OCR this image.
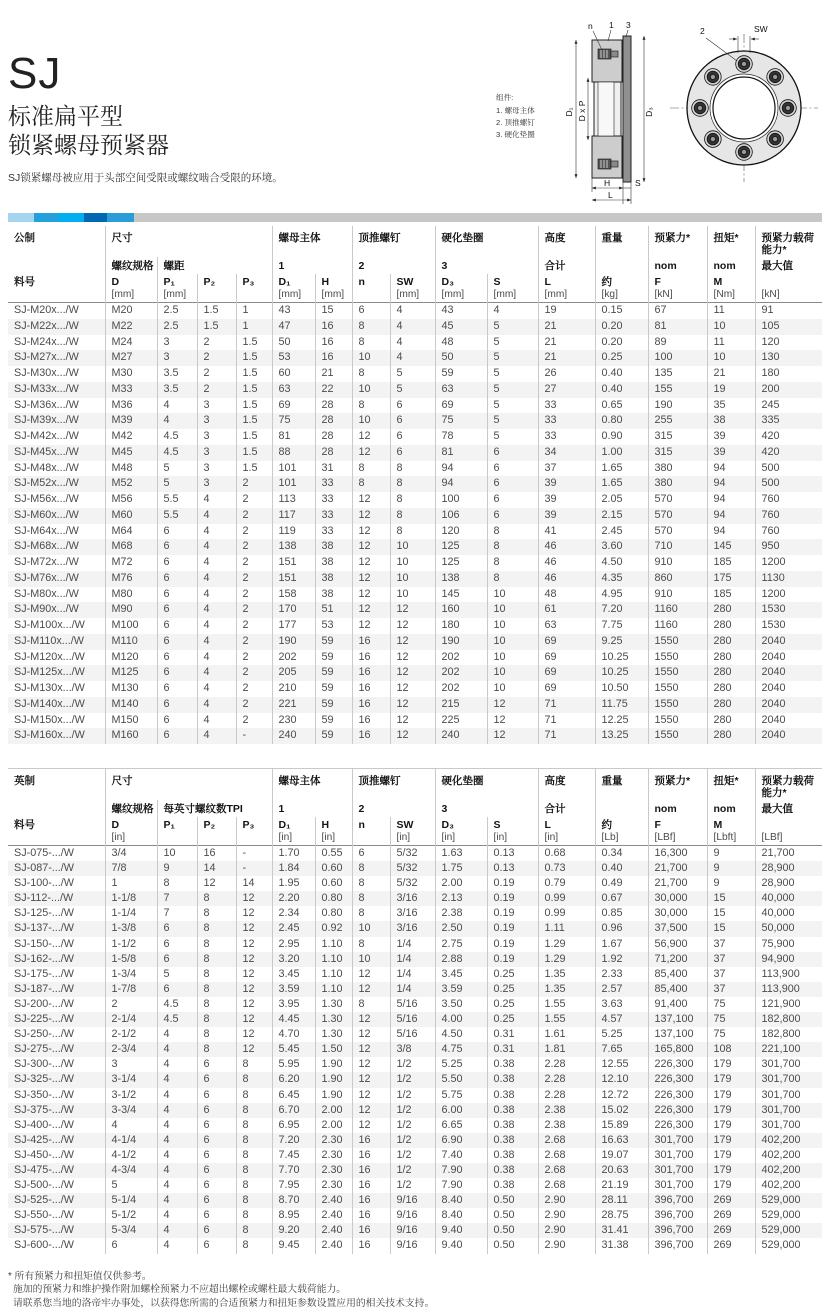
SJ
标准扁平型
锁紧螺母预紧器
SJ锁紧螺母被应用于头部空间受限或螺纹啮合受限的环境。
组件:
1. 螺母主体
2. 顶推螺钉
3. 硬化垫圈
n 1 3
D₁ D x P	D₃
H	S
L
2	SW
公制	尺寸				螺母主体		顶推螺钉		硬化垫圈		高度	重量	预紧力*	扭矩*	预紧力载荷能力*
	螺纹规格	螺距			1		2		3		合计		nom	nom	最大值
料号	D	P₁	P₂	P₃	D₁	H	n	SW	D₃	S	L	约	F	M	
	[mm]	[mm]			[mm]	[mm]		[mm]	[mm]	[mm]	[mm]	[kg]	[kN]	[Nm]	[kN]
SJ-M20x.../W	M20	2.5	1.5	1	43	15	6	4	43	4	19	0.15	67	11	91
SJ-M22x.../W	M22	2.5	1.5	1	47	16	8	4	45	5	21	0.20	81	10	105
SJ-M24x.../W	M24	3	2	1.5	50	16	8	4	48	5	21	0.20	89	11	120
SJ-M27x.../W	M27	3	2	1.5	53	16	10	4	50	5	21	0.25	100	10	130
SJ-M30x.../W	M30	3.5	2	1.5	60	21	8	5	59	5	26	0.40	135	21	180
SJ-M33x.../W	M33	3.5	2	1.5	63	22	10	5	63	5	27	0.40	155	19	200
SJ-M36x.../W	M36	4	3	1.5	69	28	8	6	69	5	33	0.65	190	35	245
SJ-M39x.../W	M39	4	3	1.5	75	28	10	6	75	5	33	0.80	255	38	335
SJ-M42x.../W	M42	4.5	3	1.5	81	28	12	6	78	5	33	0.90	315	39	420
SJ-M45x.../W	M45	4.5	3	1.5	88	28	12	6	81	6	34	1.00	315	39	420
SJ-M48x.../W	M48	5	3	1.5	101	31	8	8	94	6	37	1.65	380	94	500
SJ-M52x.../W	M52	5	3	2	101	33	8	8	94	6	39	1.65	380	94	500
SJ-M56x.../W	M56	5.5	4	2	113	33	12	8	100	6	39	2.05	570	94	760
SJ-M60x.../W	M60	5.5	4	2	117	33	12	8	106	6	39	2.15	570	94	760
SJ-M64x.../W	M64	6	4	2	119	33	12	8	120	8	41	2.45	570	94	760
SJ-M68x.../W	M68	6	4	2	138	38	12	10	125	8	46	3.60	710	145	950
SJ-M72x.../W	M72	6	4	2	151	38	12	10	125	8	46	4.50	910	185	1200
SJ-M76x.../W	M76	6	4	2	151	38	12	10	138	8	46	4.35	860	175	1130
SJ-M80x.../W	M80	6	4	2	158	38	12	10	145	10	48	4.95	910	185	1200
SJ-M90x.../W	M90	6	4	2	170	51	12	12	160	10	61	7.20	1160	280	1530
SJ-M100x.../W	M100	6	4	2	177	53	12	12	180	10	63	7.75	1160	280	1530
SJ-M110x.../W	M110	6	4	2	190	59	16	12	190	10	69	9.25	1550	280	2040
SJ-M120x.../W	M120	6	4	2	202	59	16	12	202	10	69	10.25	1550	280	2040
SJ-M125x.../W	M125	6	4	2	205	59	16	12	202	10	69	10.25	1550	280	2040
SJ-M130x.../W	M130	6	4	2	210	59	16	12	202	10	69	10.50	1550	280	2040
SJ-M140x.../W	M140	6	4	2	221	59	16	12	215	12	71	11.75	1550	280	2040
SJ-M150x.../W	M150	6	4	2	230	59	16	12	225	12	71	12.25	1550	280	2040
SJ-M160x.../W	M160	6	4	-	240	59	16	12	240	12	71	13.25	1550	280	2040
英制	尺寸				螺母主体		顶推螺钉		硬化垫圈		高度	重量	预紧力*	扭矩*	预紧力载荷能力*
	螺纹规格	每英寸螺纹数TPI			1		2		3		合计		nom	nom	最大值
料号	D	P₁	P₂	P₃	D₁	H	n	SW	D₃	S	L	约	F	M	
	[in]				[in]	[in]		[in]	[in]	[in]	[in]	[Lb]	[LBf]	[Lbft]	[LBf]
SJ-075-.../W	3/4	10	16	-	1.70	0.55	6	5/32	1.63	0.13	0.68	0.34	16,300	9	21,700
SJ-087-.../W	7/8	9	14	-	1.84	0.60	8	5/32	1.75	0.13	0.73	0.40	21,700	9	28,900
SJ-100-.../W	1	8	12	14	1.95	0.60	8	5/32	2.00	0.19	0.79	0.49	21,700	9	28,900
SJ-112-.../W	1-1/8	7	8	12	2.20	0.80	8	3/16	2.13	0.19	0.99	0.67	30,000	15	40,000
SJ-125-.../W	1-1/4	7	8	12	2.34	0.80	8	3/16	2.38	0.19	0.99	0.85	30,000	15	40,000
SJ-137-.../W	1-3/8	6	8	12	2.45	0.92	10	3/16	2.50	0.19	1.11	0.96	37,500	15	50,000
SJ-150-.../W	1-1/2	6	8	12	2.95	1.10	8	1/4	2.75	0.19	1.29	1.67	56,900	37	75,900
SJ-162-.../W	1-5/8	6	8	12	3.20	1.10	10	1/4	2.88	0.19	1.29	1.92	71,200	37	94,900
SJ-175-.../W	1-3/4	5	8	12	3.45	1.10	12	1/4	3.45	0.25	1.35	2.33	85,400	37	113,900
SJ-187-.../W	1-7/8	6	8	12	3.59	1.10	12	1/4	3.59	0.25	1.35	2.57	85,400	37	113,900
SJ-200-.../W	2	4.5	8	12	3.95	1.30	8	5/16	3.50	0.25	1.55	3.63	91,400	75	121,900
SJ-225-.../W	2-1/4	4.5	8	12	4.45	1.30	12	5/16	4.00	0.25	1.55	4.57	137,100	75	182,800
SJ-250-.../W	2-1/2	4	8	12	4.70	1.30	12	5/16	4.50	0.31	1.61	5.25	137,100	75	182,800
SJ-275-.../W	2-3/4	4	8	12	5.45	1.50	12	3/8	4.75	0.31	1.81	7.65	165,800	108	221,100
SJ-300-.../W	3	4	6	8	5.95	1.90	12	1/2	5.25	0.38	2.28	12.55	226,300	179	301,700
SJ-325-.../W	3-1/4	4	6	8	6.20	1.90	12	1/2	5.50	0.38	2.28	12.10	226,300	179	301,700
SJ-350-.../W	3-1/2	4	6	8	6.45	1.90	12	1/2	5.75	0.38	2.28	12.72	226,300	179	301,700
SJ-375-.../W	3-3/4	4	6	8	6.70	2.00	12	1/2	6.00	0.38	2.38	15.02	226,300	179	301,700
SJ-400-.../W	4	4	6	8	6.95	2.00	12	1/2	6.65	0.38	2.38	15.89	226,300	179	301,700
SJ-425-.../W	4-1/4	4	6	8	7.20	2.30	16	1/2	6.90	0.38	2.68	16.63	301,700	179	402,200
SJ-450-.../W	4-1/2	4	6	8	7.45	2.30	16	1/2	7.40	0.38	2.68	19.07	301,700	179	402,200
SJ-475-.../W	4-3/4	4	6	8	7.70	2.30	16	1/2	7.90	0.38	2.68	20.63	301,700	179	402,200
SJ-500-.../W	5	4	6	8	7.95	2.30	16	1/2	7.90	0.38	2.68	21.19	301,700	179	402,200
SJ-525-.../W	5-1/4	4	6	8	8.70	2.40	16	9/16	8.40	0.50	2.90	28.11	396,700	269	529,000
SJ-550-.../W	5-1/2	4	6	8	8.95	2.40	16	9/16	8.40	0.50	2.90	28.75	396,700	269	529,000
SJ-575-.../W	5-3/4	4	6	8	9.20	2.40	16	9/16	9.40	0.50	2.90	31.41	396,700	269	529,000
SJ-600-.../W	6	4	6	8	9.45	2.40	16	9/16	9.40	0.50	2.90	31.38	396,700	269	529,000
* 所有预紧力和扭矩值仅供参考。
施加的预紧力和维护操作附加螺栓预紧力不应超出螺栓或螺柱最大载荷能力。
请联系您当地的洛帝牢办事处，以获得您所需的合适预紧力和扭矩参数设置应用的相关技术支持。
